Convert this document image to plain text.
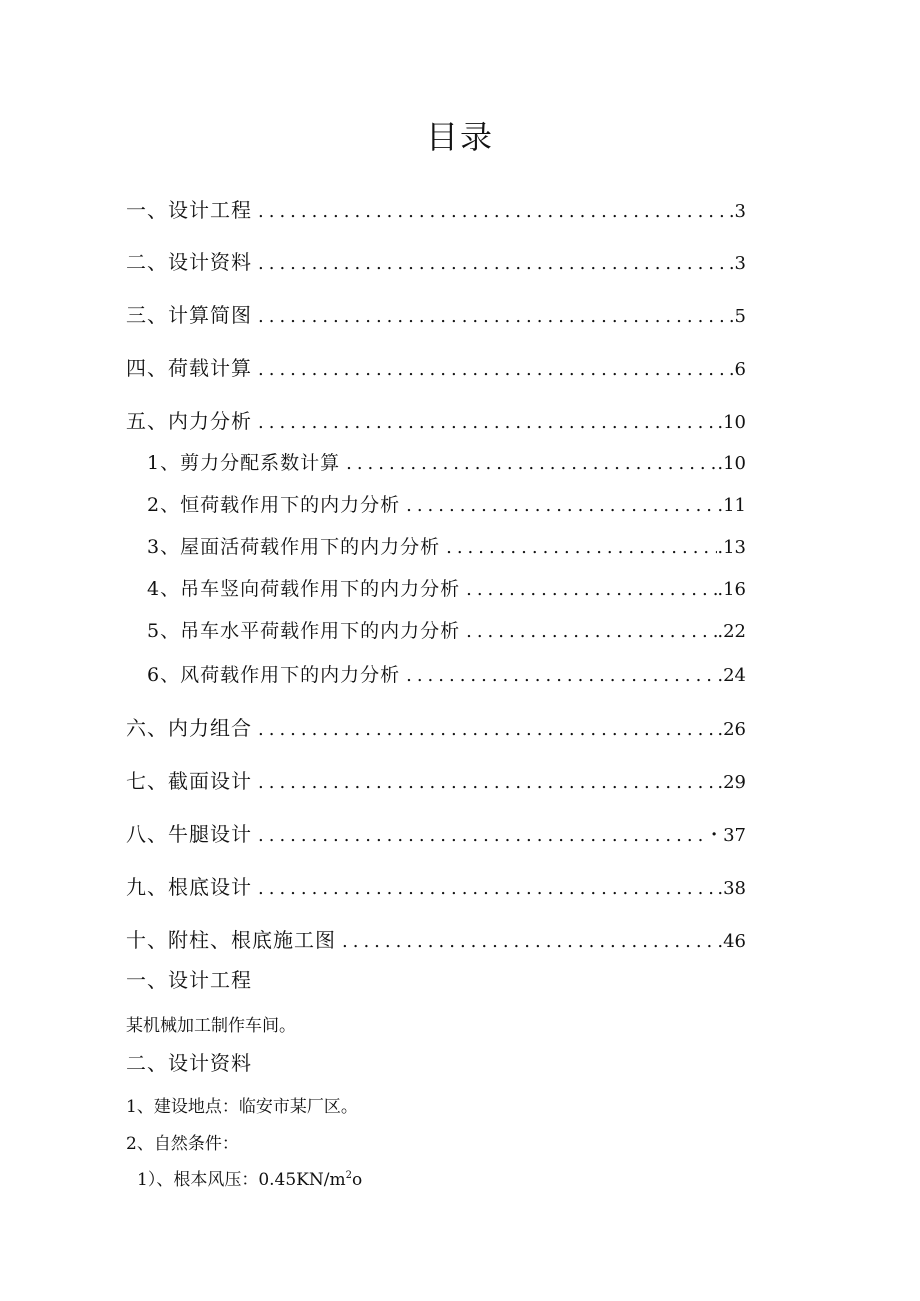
目录
一、设计工程 .....	.3
二、设计资料 .....	.3
三、计算简图 .....	.5
四、荷载计算 .....	.6
五、内力分析 .....	.10
1、剪力分配系数计算 .....	.10
2、恒荷载作用下的内力分析 .....	.11
3、屋面活荷载作用下的内力分析 .....	.13
4、吊车竖向荷载作用下的内力分析 .....	.16
5、吊车水平荷载作用下的内力分析 .....	.22
6、风荷载作用下的内力分析 .....	.24
六、内力组合 .....	.26
七、截面设计 .....	.29
八、牛腿设计 .....	・37
九、根底设计 .....	.38
十、附柱、根底施工图 .....	.46
一、设计工程
某机械加工制作车间。
二、设计资料
1、建设地点：临安市某厂区。
2、自然条件：
1）、根本风压：$0.45KN/m^2o$
